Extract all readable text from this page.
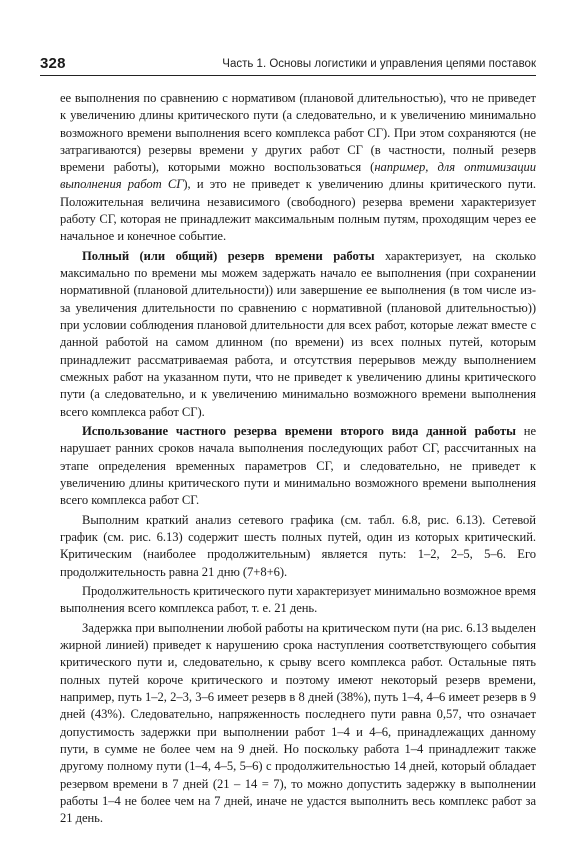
328	Часть 1. Основы логистики и управления цепями поставок

ее выполнения по сравнению с нормативом (плановой длительностью), что не приведет к увеличению длины критического пути (а следовательно, и к увеличению минимально возможного времени выполнения всего комплекса работ СГ). При этом сохраняются (не затрагиваются) резервы времени у других работ СГ (в частности, полный резерв времени работы), которыми можно воспользоваться (например, для оптимизации выполнения работ СГ), и это не приведет к увеличению длины критического пути. Положительная величина независимого (свободного) резерва времени характеризует работу СГ, которая не принадлежит максимальным полным путям, проходящим через ее начальное и конечное событие.

Полный (или общий) резерв времени работы характеризует, на сколько максимально по времени мы можем задержать начало ее выполнения (при сохранении нормативной (плановой длительности)) или завершение ее выполнения (в том числе из-за увеличения длительности по сравнению с нормативной (плановой длительностью)) при условии соблюдения плановой длительности для всех работ, которые лежат вместе с данной работой на самом длинном (по времени) из всех полных путей, которым принадлежит рассматриваемая работа, и отсутствия перерывов между выполнением смежных работ на указанном пути, что не приведет к увеличению длины критического пути (а следовательно, и к увеличению минимально возможного времени выполнения всего комплекса работ СГ).

Использование частного резерва времени второго вида данной работы не нарушает ранних сроков начала выполнения последующих работ СГ, рассчитанных на этапе определения временных параметров СГ, и следовательно, не приведет к увеличению длины критического пути и минимально возможного времени выполнения всего комплекса работ СГ.

Выполним краткий анализ сетевого графика (см. табл. 6.8, рис. 6.13). Сетевой график (см. рис. 6.13) содержит шесть полных путей, один из которых критический. Критическим (наиболее продолжительным) является путь: 1–2, 2–5, 5–6. Его продолжительность равна 21 дню (7+8+6).

Продолжительность критического пути характеризует минимально возможное время выполнения всего комплекса работ, т. е. 21 день.

Задержка при выполнении любой работы на критическом пути (на рис. 6.13 выделен жирной линией) приведет к нарушению срока наступления соответствующего события критического пути и, следовательно, к срыву всего комплекса работ. Остальные пять полных путей короче критического и поэтому имеют некоторый резерв времени, например, путь 1–2, 2–3, 3–6 имеет резерв в 8 дней (38%), путь 1–4, 4–6 имеет резерв в 9 дней (43%). Следовательно, напряженность последнего пути равна 0,57, что означает допустимость задержки при выполнении работ 1–4 и 4–6, принадлежащих данному пути, в сумме не более чем на 9 дней. Но поскольку работа 1–4 принадлежит также другому полному пути (1–4, 4–5, 5–6) с продолжительностью 14 дней, который обладает резервом времени в 7 дней (21 – 14 = 7), то можно допустить задержку в выполнении работы 1–4 не более чем на 7 дней, иначе не удастся выполнить весь комплекс работ за 21 день.
